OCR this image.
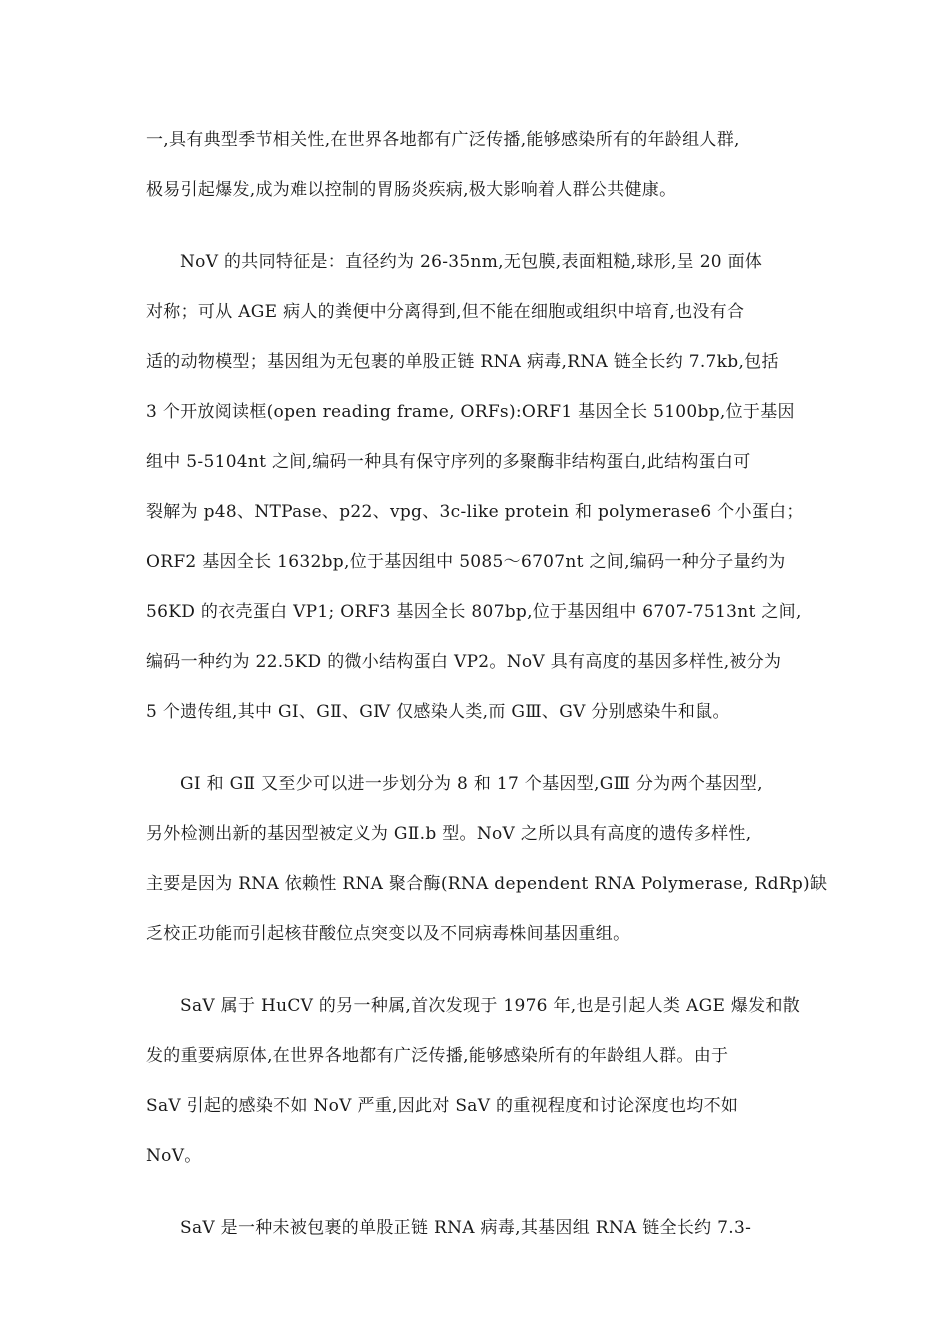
一,具有典型季节相关性,在世界各地都有广泛传播,能够感染所有的年龄组人群,
极易引起爆发,成为难以控制的胃肠炎疾病,极大影响着人群公共健康。
NoV 的共同特征是：直径约为 26-35nm,无包膜,表面粗糙,球形,呈 20 面体
对称；可从 AGE 病人的粪便中分离得到,但不能在细胞或组织中培育,也没有合
适的动物模型；基因组为无包裹的单股正链 RNA 病毒,RNA 链全长约 7.7kb,包括
3 个开放阅读框(open reading frame, ORFs):ORF1 基因全长 5100bp,位于基因
组中 5-5104nt 之间,编码一种具有保守序列的多聚酶非结构蛋白,此结构蛋白可
裂解为 p48、NTPase、p22、vpg、3c-like protein 和 polymerase6 个小蛋白；
ORF2 基因全长 1632bp,位于基因组中 5085～6707nt 之间,编码一种分子量约为
56KD 的衣壳蛋白 VP1; ORF3 基因全长 807bp,位于基因组中 6707-7513nt 之间,
编码一种约为 22.5KD 的微小结构蛋白 VP2。NoV 具有高度的基因多样性,被分为
5 个遗传组,其中 GⅠ、GⅡ、GⅣ 仅感染人类,而 GⅢ、GⅤ 分别感染牛和鼠。
GⅠ 和 GⅡ 又至少可以进一步划分为 8 和 17 个基因型,GⅢ 分为两个基因型,
另外检测出新的基因型被定义为 GⅡ.b 型。NoV 之所以具有高度的遗传多样性,
主要是因为 RNA 依赖性 RNA 聚合酶(RNA dependent RNA Polymerase, RdRp)缺
乏校正功能而引起核苷酸位点突变以及不同病毒株间基因重组。
SaV 属于 HuCV 的另一种属,首次发现于 1976 年,也是引起人类 AGE 爆发和散
发的重要病原体,在世界各地都有广泛传播,能够感染所有的年龄组人群。由于
SaV 引起的感染不如 NoV 严重,因此对 SaV 的重视程度和讨论深度也均不如
NoV。
SaV 是一种未被包裹的单股正链 RNA 病毒,其基因组 RNA 链全长约 7.3-
